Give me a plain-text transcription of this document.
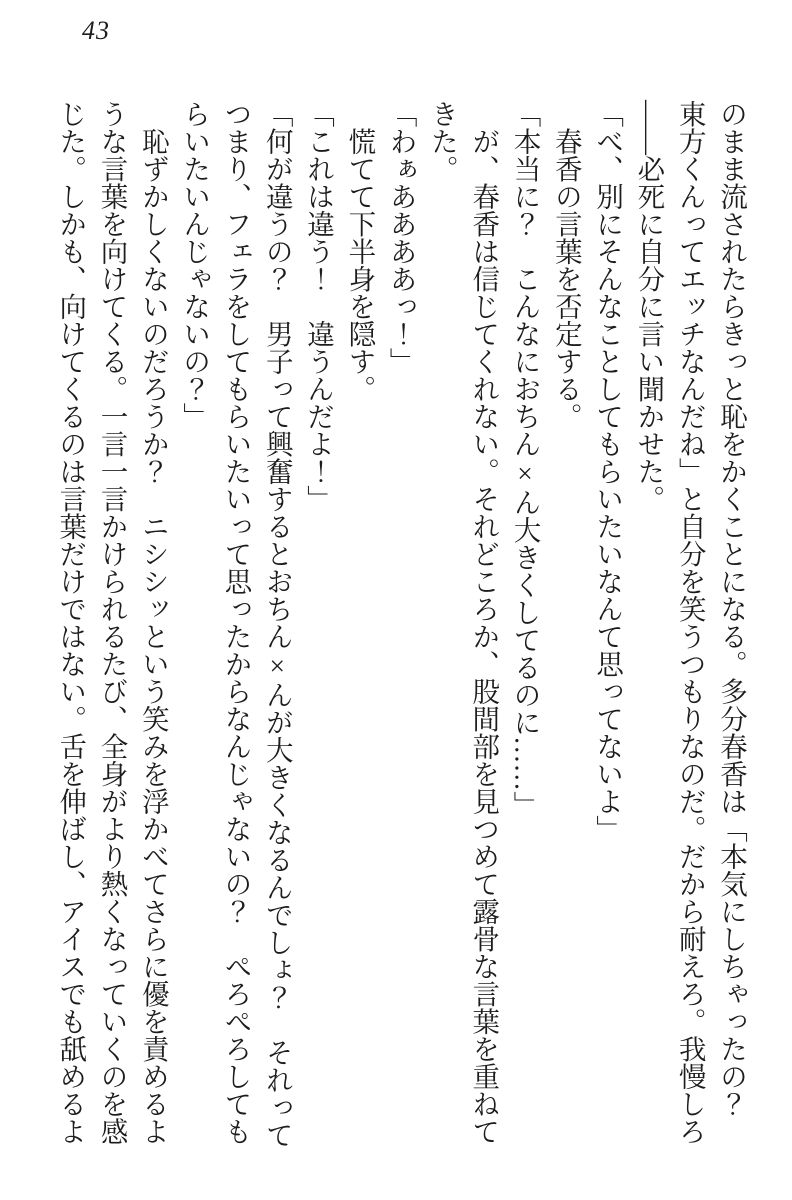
43

のまま流されたらきっと恥をかくことになる。多分春香は「本気にしちゃったの？

東方くんってエッチなんだね」と自分を笑うつもりなのだ。だから耐えろ。我慢しろ

――必死に自分に言い聞かせた。

「べ、別にそんなことしてもらいたいなんて思ってないよ」

　春香の言葉を否定する。

「本当に？　こんなにおちん×ん大きくしてるのに……」

　が、春香は信じてくれない。それどころか、股間部を見つめて露骨な言葉を重ねて

きた。

「わぁああああっ！」

　慌てて下半身を隠す。

「これは違う！　違うんだよ！」

「何が違うの？　男子って興奮するとおちん×んが大きくなるんでしょ？　それって

つまり、フェラをしてもらいたいって思ったからなんじゃないの？　ぺろぺろしても

らいたいんじゃないの？」

　恥ずかしくないのだろうか？　ニシシッという笑みを浮かべてさらに優を責めるよ

うな言葉を向けてくる。一言一言かけられるたび、全身がより熱くなっていくのを感

じた。しかも、向けてくるのは言葉だけではない。舌を伸ばし、アイスでも舐めるよ
